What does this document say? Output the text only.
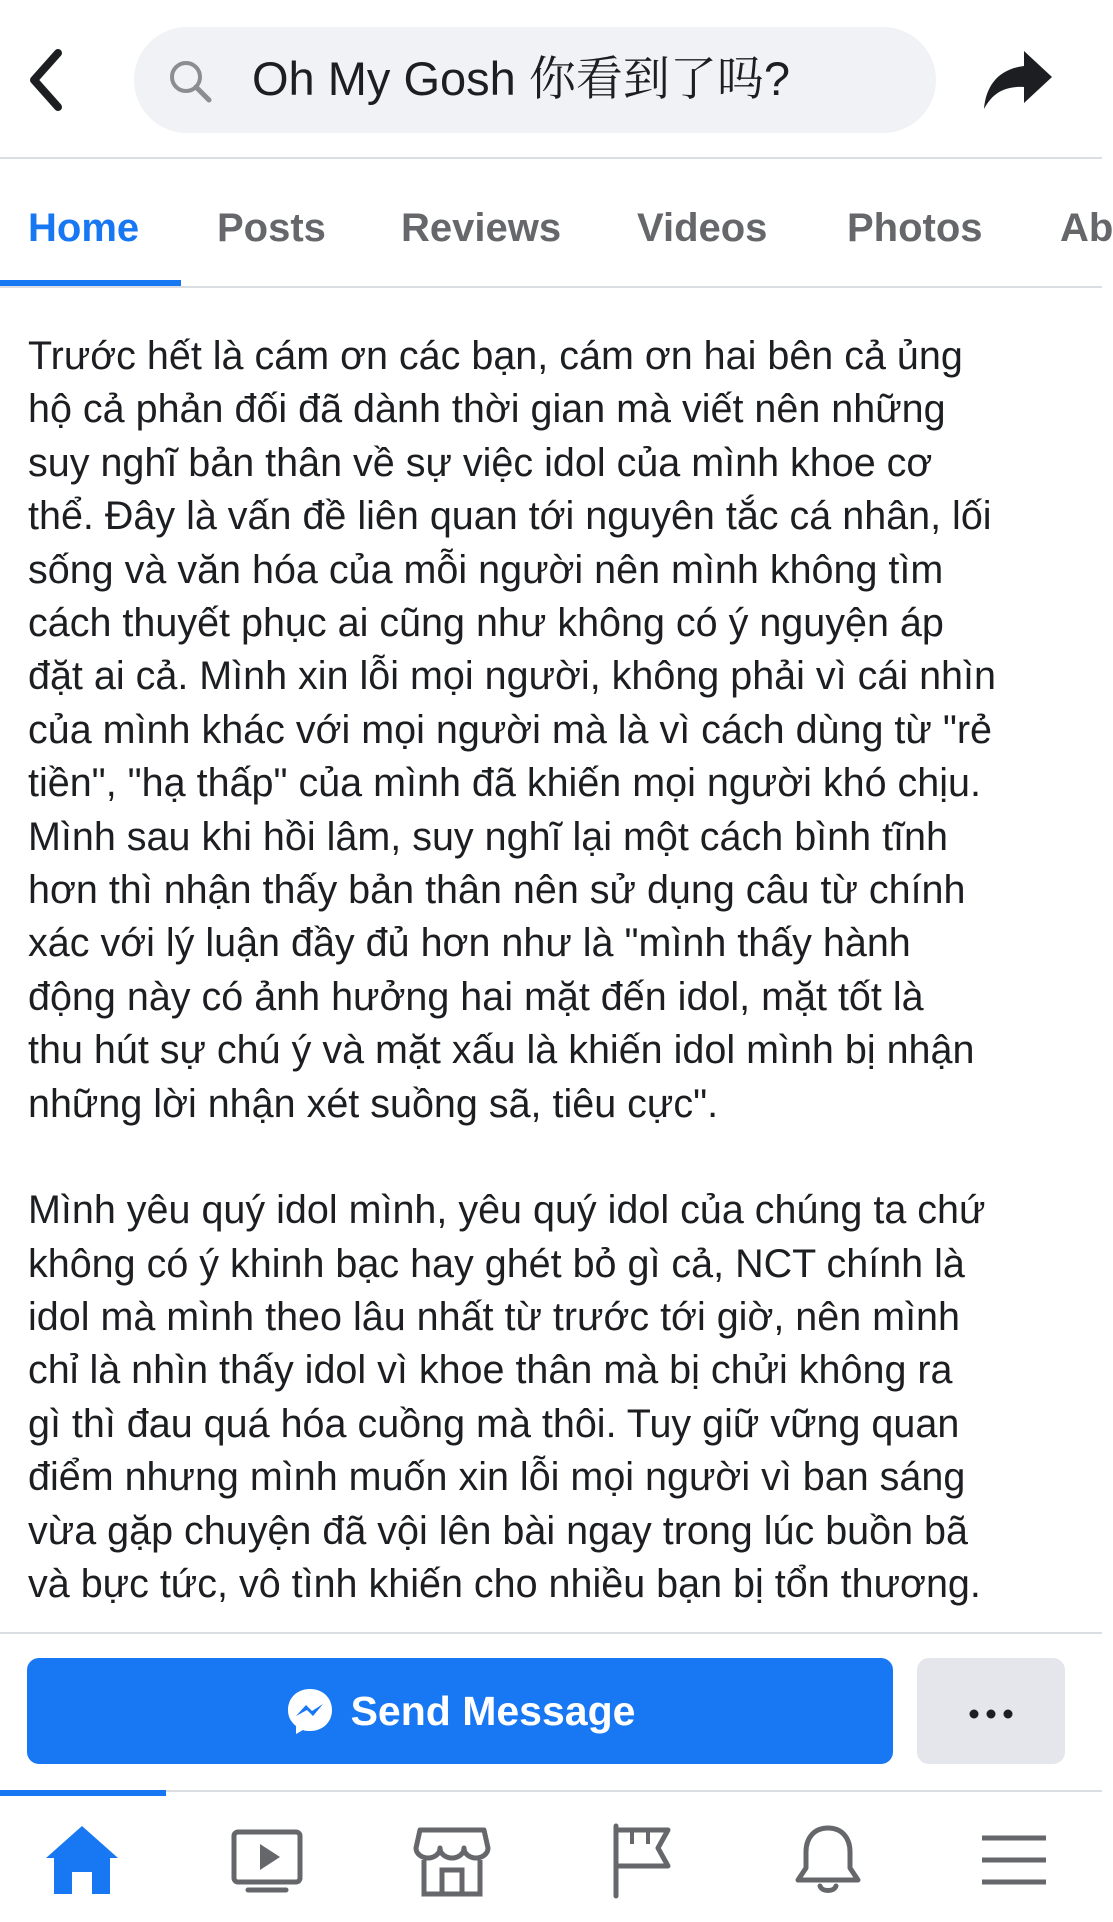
Oh My Gosh 你看到了吗?
Home Posts Reviews Videos Photos Ab

Trước hết là cám ơn các bạn, cám ơn hai bên cả ủng
hộ cả phản đối đã dành thời gian mà viết nên những
suy nghĩ bản thân về sự việc idol của mình khoe cơ
thể. Đây là vấn đề liên quan tới nguyên tắc cá nhân, lối
sống và văn hóa của mỗi người nên mình không tìm
cách thuyết phục ai cũng như không có ý nguyện áp
đặt ai cả. Mình xin lỗi mọi người, không phải vì cái nhìn
của mình khác với mọi người mà là vì cách dùng từ "rẻ
tiền", "hạ thấp" của mình đã khiến mọi người khó chịu.
Mình sau khi hồi lâm, suy nghĩ lại một cách bình tĩnh
hơn thì nhận thấy bản thân nên sử dụng câu từ chính
xác với lý luận đầy đủ hơn như là "mình thấy hành
động này có ảnh hưởng hai mặt đến idol, mặt tốt là
thu hút sự chú ý và mặt xấu là khiến idol mình bị nhận
những lời nhận xét suồng sã, tiêu cực".

Mình yêu quý idol mình, yêu quý idol của chúng ta chứ
không có ý khinh bạc hay ghét bỏ gì cả, NCT chính là
idol mà mình theo lâu nhất từ trước tới giờ, nên mình
chỉ là nhìn thấy idol vì khoe thân mà bị chửi không ra
gì thì đau quá hóa cuồng mà thôi. Tuy giữ vững quan
điểm nhưng mình muốn xin lỗi mọi người vì ban sáng
vừa gặp chuyện đã vội lên bài ngay trong lúc buồn bã
và bực tức, vô tình khiến cho nhiều bạn bị tổn thương.

Send Message
